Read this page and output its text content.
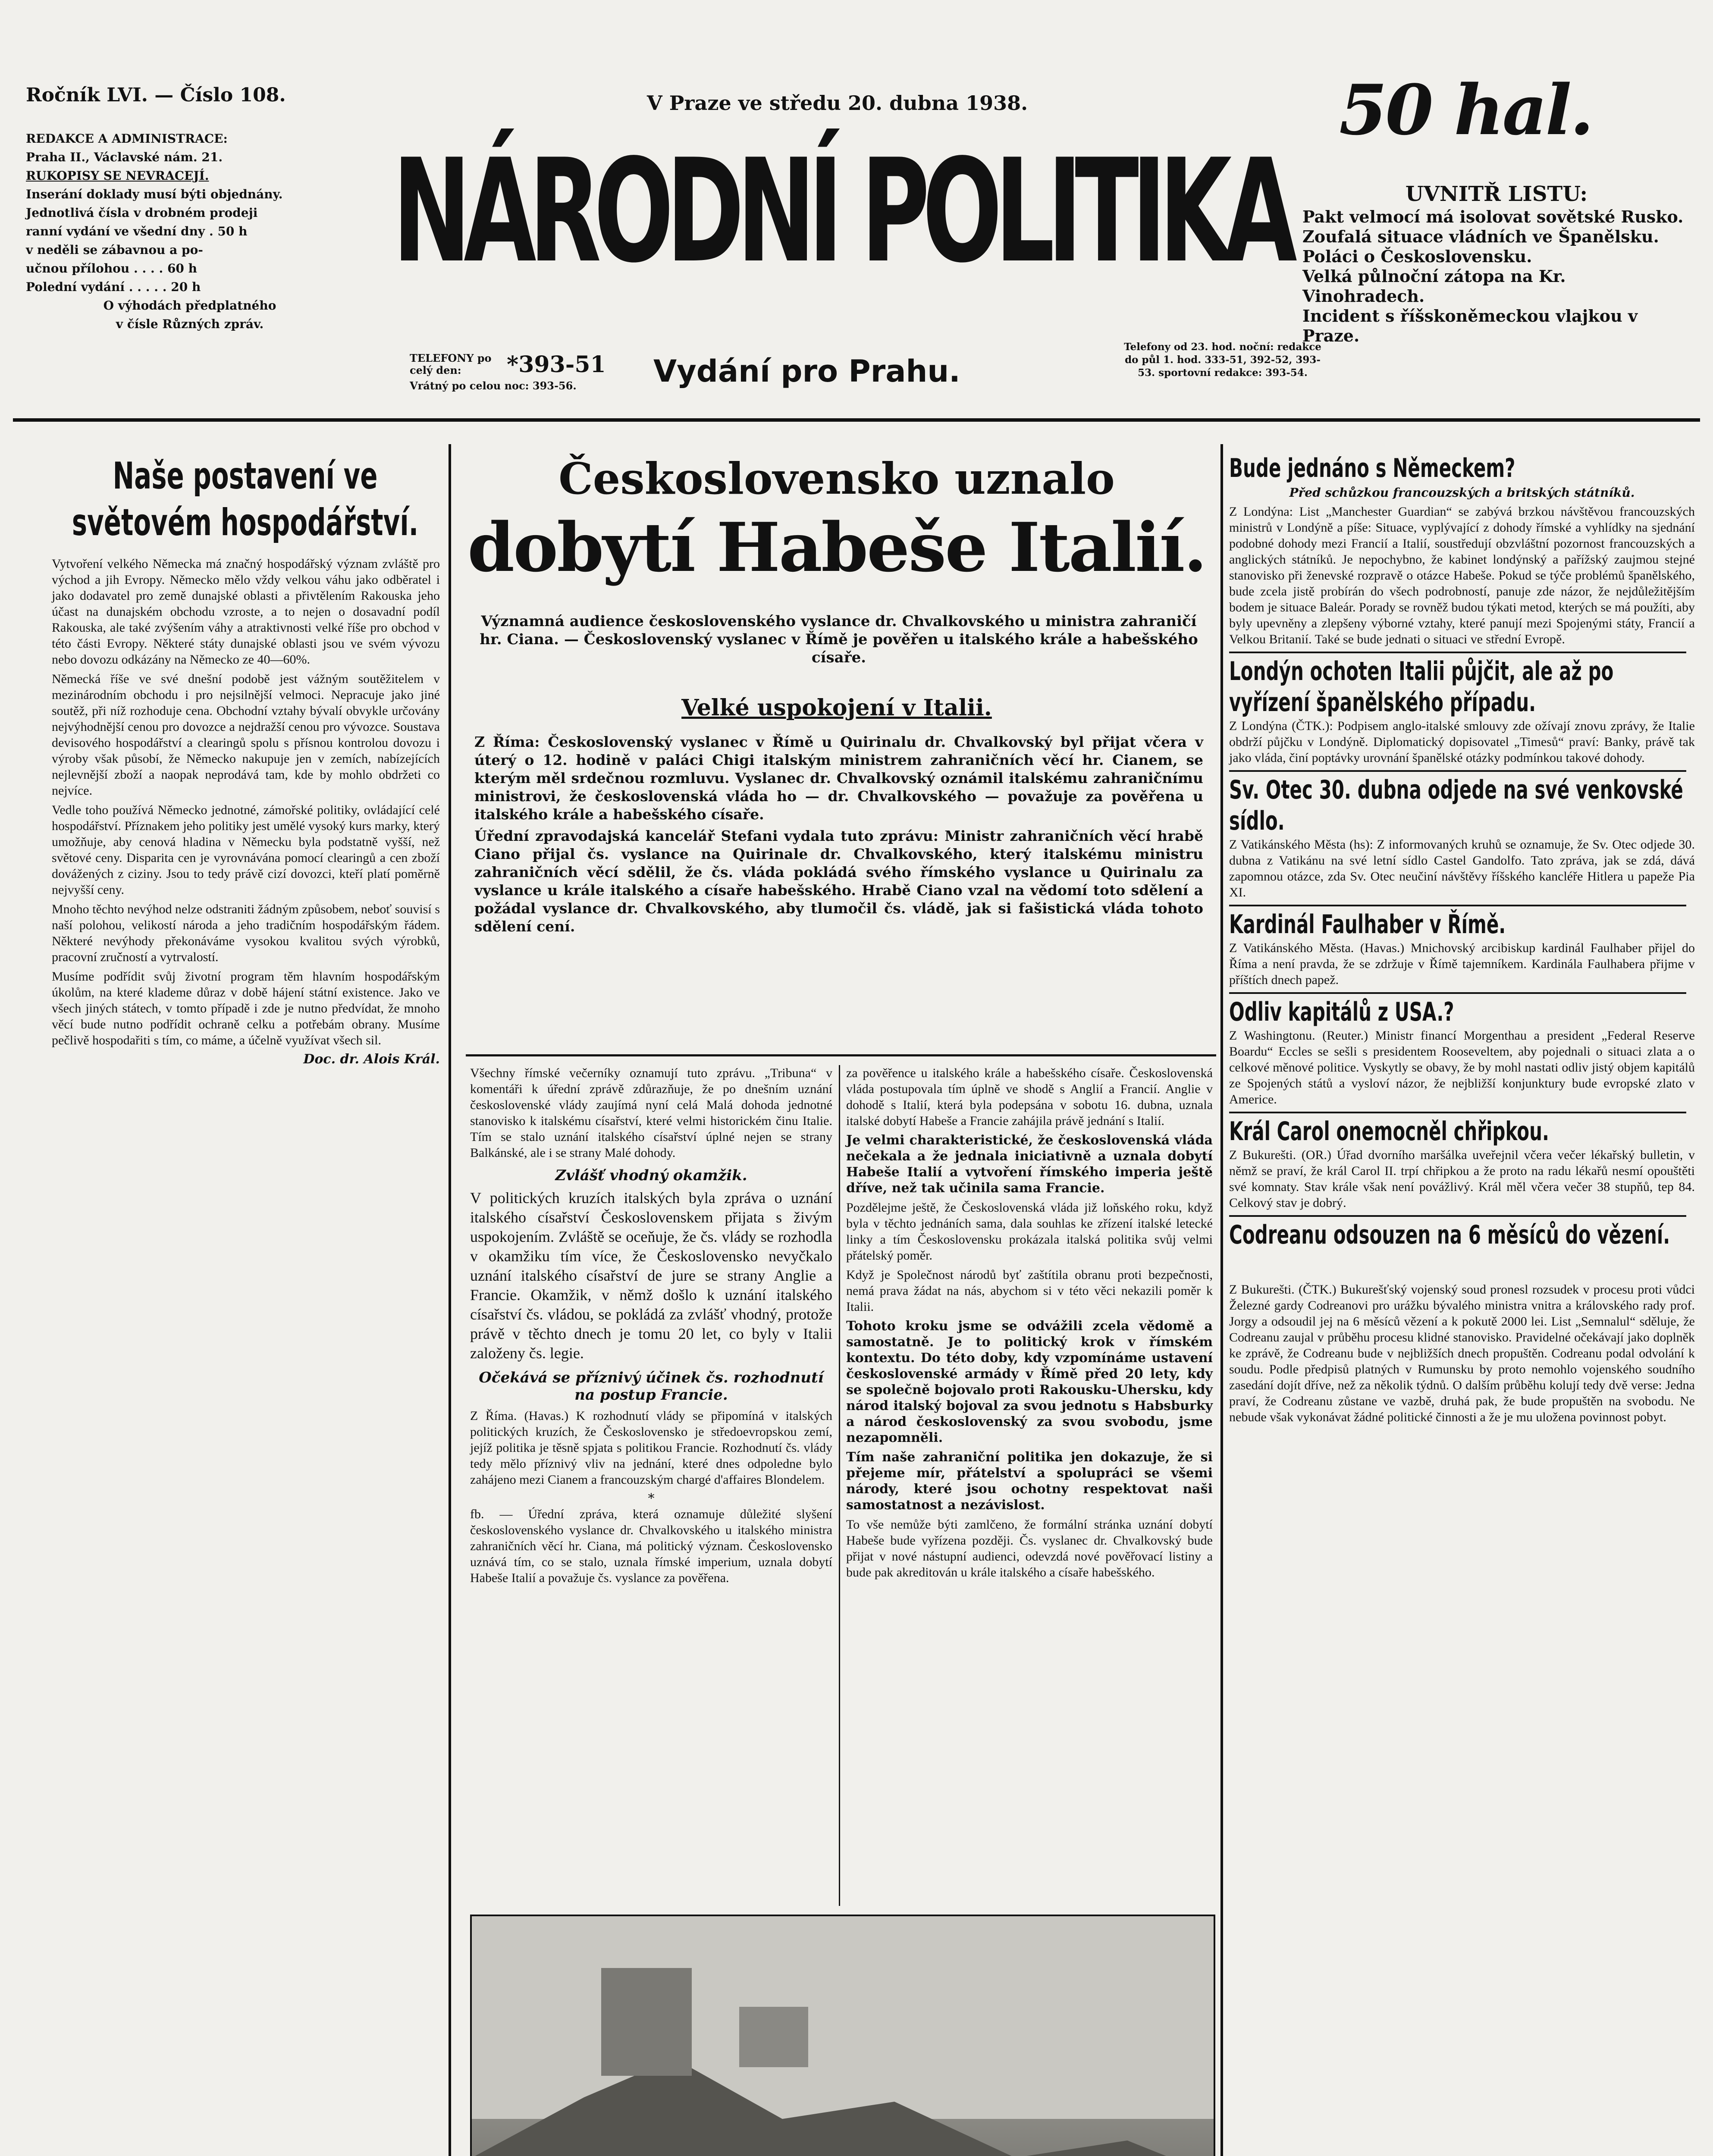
Ročník LVI. — Číslo 108.	V Praze ve středu 20. dubna 1938.	50 hal.
REDAKCE A ADMINISTRACE:
Praha II., Václavské nám. 21.
RUKOPISY SE NEVRACEJÍ.
Inserání doklady musí býti objednány.
Jednotlivá čísla v drobném prodeji
ranní vydání ve všední dny . 50 h
v neděli se zábavnou a po-
učnou přílohou . . . . 60 h
Polední vydání . . . . . 20 h
O výhodách předplatného
v čísle Různých zpráv.
NÁRODNÍ POLITIKA
TELEFONY po celý den:	*393-51
Vrátný po celou noc: 393-56.	Vydání pro Prahu.
Telefony od 23. hod. noční: redakce do půl 1. hod. 333-51, 392-52, 393-53. sportovní redakce: 393-54.
UVNITŘ LISTU:
Pakt velmocí má isolovat sovětské Rusko.
Zoufalá situace vládních ve Španělsku.
Poláci o Československu.
Velká půlnoční zátopa na Kr. Vinohradech.
Incident s říšskoněmeckou vlajkou v Praze.
Naše postavení ve světovém hospodářství.

Vytvoření velkého Německa má značný hospodářský význam zvláště pro východ a jih Evropy. Německo mělo vždy velkou váhu jako odběratel i jako dodavatel pro země dunajské oblasti a přivtělením Rakouska jeho účast na dunajském obchodu vzroste, a to nejen o dosavadní podíl Rakouska, ale také zvýšením váhy a atraktivnosti velké říše pro obchod v této části Evropy. Některé státy dunajské oblasti jsou ve svém vývozu nebo dovozu odkázány na Německo ze 40—60%.

Německá říše ve své dnešní podobě jest vážným soutěžitelem v mezinárodním obchodu i pro nejsilnější velmoci. Nepracuje jako jiné soutěž, při níž rozhoduje cena. Obchodní vztahy bývalí obvykle určovány nejvýhodnější cenou pro dovozce a nejdražší cenou pro vývozce. Soustava devisového hospodářství a clearingů spolu s přísnou kontrolou dovozu i výroby však působí, že Německo nakupuje jen v zemích, nabízejících nejlevnější zboží a naopak neprodává tam, kde by mohlo obdržeti co nejvíce.

Vedle toho používá Německo jednotné, zámořské politiky, ovládající celé hospodářství. Příznakem jeho politiky jest umělé vysoký kurs marky, který umožňuje, aby cenová hladina v Německu byla podstatně vyšší, než světové ceny. Disparita cen je vyrovnávána pomocí clearingů a cen zboží dovážených z ciziny. Jsou to tedy právě cizí dovozci, kteří platí poměrně nejvyšší ceny.

Mnoho těchto nevýhod nelze odstraniti žádným způsobem, neboť souvisí s naší polohou, velikostí národa a jeho tradičním hospodářským řádem. Některé nevýhody překonáváme vysokou kvalitou svých výrobků, pracovní zručností a vytrvalostí.

Musíme podřídit svůj životní program těm hlavním hospodářským úkolům, na které klademe důraz v době hájení státní existence. Jako ve všech jiných státech, v tomto případě i zde je nutno předvídat, že mnoho věcí bude nutno podřídit ochraně celku a potřebám obrany. Musíme pečlivě hospodařiti s tím, co máme, a účelně využívat všech sil.

Doc. dr. Alois Král.
Československo uznalo
dobytí Habeše Italií.
Významná audience československého vyslance dr. Chvalkovského u ministra zahraničí hr. Ciana. — Československý vyslanec v Římě je pověřen u italského krále a habešského císaře.
Velké uspokojení v Italii.

Z Říma: Československý vyslanec v Římě u Quirinalu dr. Chvalkovský byl přijat včera v úterý o 12. hodině v paláci Chigi italským ministrem zahraničních věcí hr. Cianem, se kterým měl srdečnou rozmluvu. Vyslanec dr. Chvalkovský oznámil italskému zahraničnímu ministrovi, že československá vláda ho — dr. Chvalkovského — považuje za pověřena u italského krále a habešského císaře.

Úřední zpravodajská kancelář Stefani vydala tuto zprávu: Ministr zahraničních věcí hrabě Ciano přijal čs. vyslance na Quirinale dr. Chvalkovského, který italskému ministru zahraničních věcí sdělil, že čs. vláda pokládá svého římského vyslance u Quirinalu za vyslance u krále italského a císaře habešského. Hrabě Ciano vzal na vědomí toto sdělení a požádal vyslance dr. Chvalkovského, aby tlumočil čs. vládě, jak si fašistická vláda tohoto sdělení cení.

Všechny římské večerníky oznamují tuto zprávu. „Tribuna“ v komentáři k úřední zprávě zdůrazňuje, že po dnešním uznání československé vlády zaujímá nyní celá Malá dohoda jednotné stanovisko k italskému císařství, které velmi historickém činu Italie. Tím se stalo uznání italského císařství úplné nejen se strany Balkánské, ale i se strany Malé dohody.

Zvlášť vhodný okamžik.

V politických kruzích italských byla zpráva o uznání italského císařství Československem přijata s živým uspokojením. Zvláště se oceňuje, že čs. vlády se rozhodla v okamžiku tím více, že Československo nevyčkalo uznání italského císařství de jure se strany Anglie a Francie. Okamžik, v němž došlo k uznání italského císařství čs. vládou, se pokládá za zvlášť vhodný, protože právě v těchto dnech je tomu 20 let, co byly v Italii založeny čs. legie.

Očekává se příznivý účinek čs. rozhodnutí na postup Francie.

Z Říma. (Havas.) K rozhodnutí vlády se připomíná v italských politických kruzích, že Československo je středoevropskou zemí, jejíž politika je těsně spjata s politikou Francie. Rozhodnutí čs. vlády tedy mělo příznivý vliv na jednání, které dnes odpoledne bylo zahájeno mezi Cianem a francouzským chargé d'affaires Blondelem.

*

fb. — Úřední zpráva, která oznamuje důležité slyšení československého vyslance dr. Chvalkovského u italského ministra zahraničních věcí hr. Ciana, má politický význam. Československo uznává tím, co se stalo, uznala římské imperium, uznala dobytí Habeše Italií a považuje čs. vyslance za pověřena.

za pověřence u italského krále a habešského císaře. Československá vláda postupovala tím úplně ve shodě s Anglií a Francií. Anglie v dohodě s Italií, která byla podepsána v sobotu 16. dubna, uznala italské dobytí Habeše a Francie zahájila právě jednání s Italií.

Je velmi charakteristické, že československá vláda nečekala a že jednala iniciativně a uznala dobytí Habeše Italií a vytvoření římského imperia ještě dříve, než tak učinila sama Francie.

Pozdělejme ještě, že Československá vláda již loňského roku, když byla v těchto jednáních sama, dala souhlas ke zřízení italské letecké linky a tím Československu prokázala italská politika svůj velmi přátelský poměr.

Když je Společnost národů byť zaštítila obranu proti bezpečnosti, nemá prava žádat na nás, abychom si v této věci nekazili poměr k Italii.

Tohoto kroku jsme se odvážili zcela vědomě a samostatně. Je to politický krok v římském kontextu. Do této doby, kdy vzpomínáme ustavení československé armády v Římě před 20 lety, kdy se společně bojovalo proti Rakousku-Uhersku, kdy národ italský bojoval za svou jednotu s Habsburky a národ československý za svou svobodu, jsme nezapomněli.

Tím naše zahraniční politika jen dokazuje, že si přejeme mír, přátelství a spolupráci se všemi národy, které jsou ochotny respektovat naši samostatnost a nezávislost.

To vše nemůže býti zamlčeno, že formální stránka uznání dobytí Habeše bude vyřízena později. Čs. vyslanec dr. Chvalkovský bude přijat v nové nástupní audienci, odevzdá nové pověřovací listiny a bude pak akreditován u krále italského a císaře habešského.

Bude jednáno s Německem?
Před schůzkou francouzských a britských státníků.

Z Londýna: List „Manchester Guardian“ se zabývá brzkou návštěvou francouzských ministrů v Londýně a píše: Situace, vyplývající z dohody římské a vyhlídky na sjednání podobné dohody mezi Francií a Italií, soustředují obzvláštní pozornost francouzských a anglických státníků. Je nepochybno, že kabinet londýnský a pařížský zaujmou stejné stanovisko při ženevské rozpravě o otázce Habeše. Pokud se týče problémů španělského, bude zcela jistě probírán do všech podrobností, panuje zde názor, že nejdůležitějším bodem je situace Baleár. Porady se rovněž budou týkati metod, kterých se má použíti, aby byly upevněny a zlepšeny výborné vztahy, které panují mezi Spojenými státy, Francií a Velkou Britanií. Také se bude jednati o situaci ve střední Evropě.

Londýn ochoten Italii půjčit, ale až po vyřízení španělského případu.

Z Londýna (ČTK.): Podpisem anglo-italské smlouvy zde ožívají znovu zprávy, že Italie obdrží půjčku v Londýně. Diplomatický dopisovatel „Timesů“ praví: Banky, právě tak jako vláda, činí poptávky urovnání španělské otázky podmínkou takové dohody.

Sv. Otec 30. dubna odjede na své venkovské sídlo.

Z Vatikánského Města (hs): Z informovaných kruhů se oznamuje, že Sv. Otec odjede 30. dubna z Vatikánu na své letní sídlo Castel Gandolfo. Tato zpráva, jak se zdá, dává zapomnou otázce, zda Sv. Otec neučiní návštěvy říšského kancléře Hitlera u papeže Pia XI.

Kardinál Faulhaber v Římě.

Z Vatikánského Města. (Havas.) Mnichovský arcibiskup kardinál Faulhaber přijel do Říma a není pravda, že se zdržuje v Římě tajemníkem. Kardinála Faulhabera přijme v příštích dnech papež.

Odliv kapitálů z USA.?

Z Washingtonu. (Reuter.) Ministr financí Morgenthau a president „Federal Reserve Boardu“ Eccles se sešli s presidentem Rooseveltem, aby pojednali o situaci zlata a o celkové měnové politice. Vyskytly se obavy, že by mohl nastati odliv jistý objem kapitálů ze Spojených států a vysloví názor, že nejbližší konjunktury bude evropské zlato v Americe.

Král Carol onemocněl chřipkou.

Z Bukurešti. (OR.) Úřad dvorního maršálka uveřejnil včera večer lékařský bulletin, v němž se praví, že král Carol II. trpí chřipkou a že proto na radu lékařů nesmí opouštěti své komnaty. Stav krále však není povážlivý. Král měl včera večer 38 stupňů, tep 84. Celkový stav je dobrý.

Codreanu odsouzen na 6 měsíců do vězení.

Z Bukurešti. (ČTK.) Bukurešťský vojenský soud pronesl rozsudek v procesu proti vůdci Železné gardy Codreanovi pro urážku bývalého ministra vnitra a královského rady prof. Jorgy a odsoudil jej na 6 měsíců vězení a k pokutě 2000 lei. List „Semnalul“ sděluje, že Codreanu zaujal v průběhu procesu klidné stanovisko. Pravidelné očekávají jako doplněk ke zprávě, že Codreanu bude v nejbližších dnech propuštěn. Codreanu podal odvolání k soudu. Podle předpisů platných v Rumunsku by proto nemohlo vojenského soudního zasedání dojít dříve, než za několik týdnů. O dalším průběhu kolují tedy dvě verse: Jedna praví, že Codreanu zůstane ve vazbě, druhá pak, že bude propuštěn na svobodu. Ne nebude však vykonávat žádné politické činnosti a že je mu uložena povinnost pobyt.
